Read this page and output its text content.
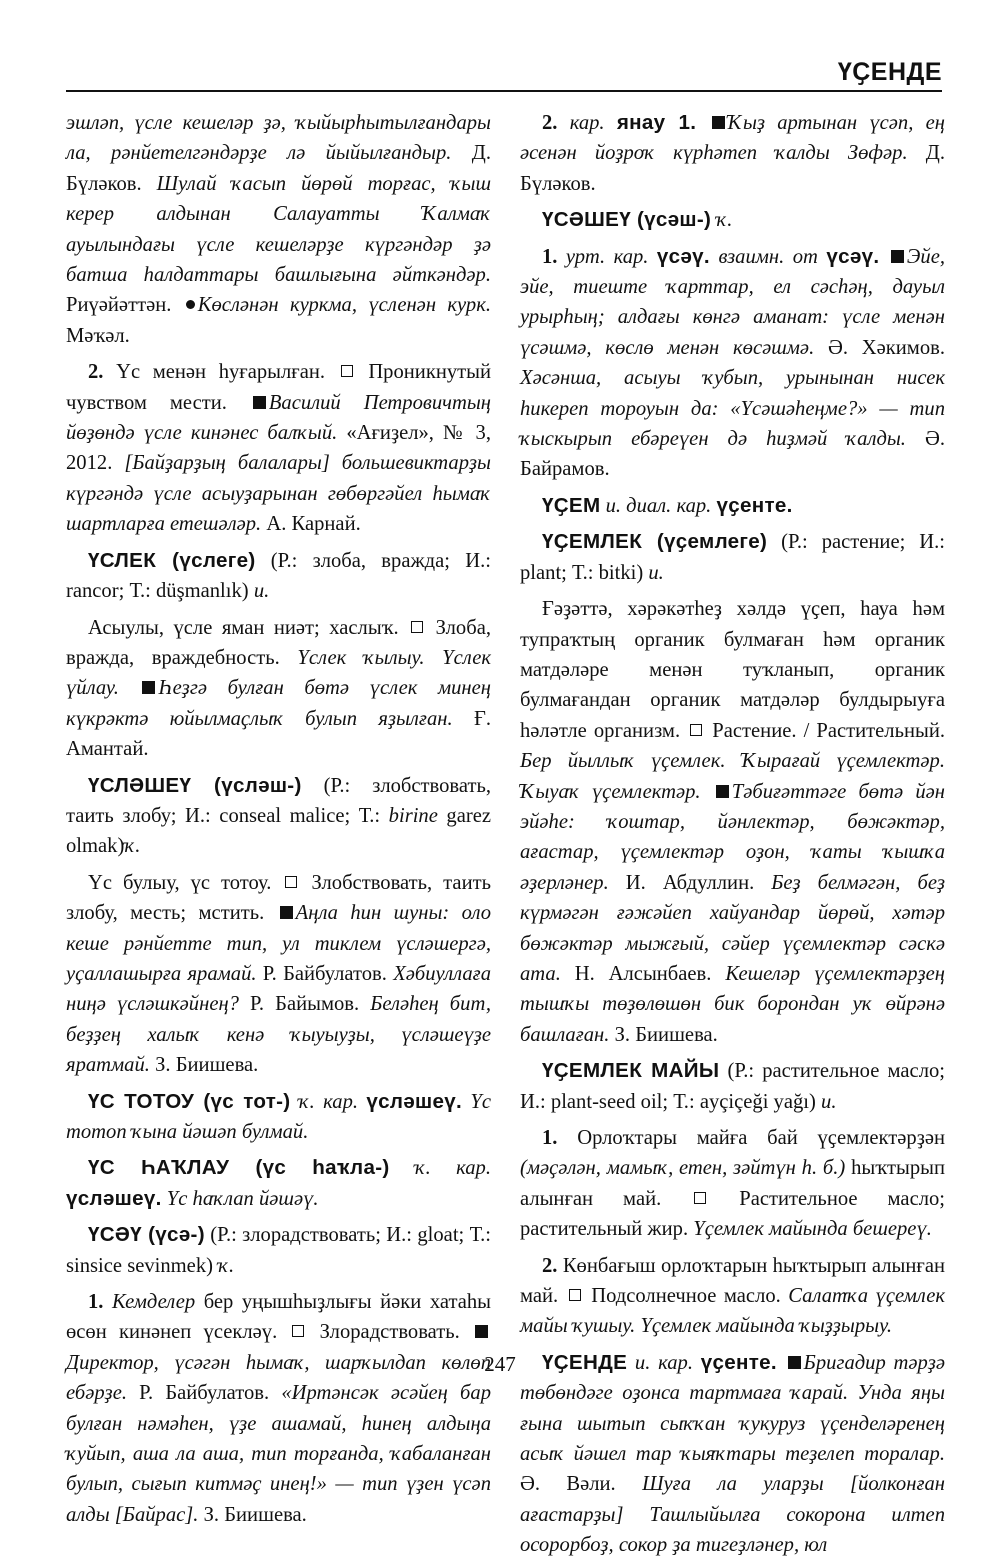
ҮҪЕНДЕ

эшләп, үсле кешеләр ҙә, ҡыйырһытылғандары ла, рәнйетелгәндәрҙе лә йыйылғандыр. Д. Бүләков. Шулай ҡасып йөрөй торғас, ҡыш керер алдынан Салауатты Ҡалмаҡ ауылындағы үсле кешеләрҙе күргәндәр ҙә батша һалдаттары башлығына әйткәндәр. Риүәйәттән. Көсләнән куркма, үсленән курк. Мәҡәл.

2. Үс менән һуғарылған.  Проникнутый чувством мести. Василий Петровичтың йөҙөндә үсле кинәнес балҡый. «Ағиҙел», № 3, 2012. [Байҙарҙың балалары] большевиктарҙы күргәндә үсле асыуҙарынан гөбөргәйел һымаҡ шартларға етешәләр. А. Карнай.

ҮСЛЕК (үслеге) (Р.: злоба, вражда; И.: rancor; Т.: düşmanlık) и.

Асыулы, үсле яман ниәт; хаслыҡ.  Злоба, вражда, враждебность. Үслек ҡылыу. Үслек үйлау. Һеҙгә булған бөтә үслек минең күкрәктә юйылмаҫлыҡ булып яҙылған. Ғ. Амантай.

ҮСЛӘШЕҮ (үсләш-) (Р.: злобствовать, таить злобу; И.: conseal malice; Т.: birine garez olmak)ҡ.

Үс булыу, үс тотоу.  Злобствовать, таить злобу, месть; мстить. Аңла һин шуны: оло кеше рәнйетте тип, ул тиклем үсләшергә, уҫаллашырға ярамай. Р. Байбулатов. Хәбиуллаға ниңә үсләшкәйнең? Р. Байымов. Беләһең бит, беҙҙең халыҡ кенә ҡыуыуҙы, үсләшеүҙе яратмай. З. Биишева.

ҮС ТОТОУ (үс тот-) ҡ. кар. үсләшеү. Үс тотоп ҡына йәшәп булмай.

ҮС ҺАҠЛАУ (үс һаҡла-) ҡ. кар. үсләшеү. Үс һаҡлап йәшәү.

ҮСӘҮ (үсә-) (Р.: злорадствовать; И.: gloat; Т.: sinsice sevinmek) ҡ.

1. Кемделер бер уңышһыҙлығы йәки хатаһы өсөн кинәнеп үсекләү.  Злорадствовать. Директор, үсәгән һымаҡ, шарҡылдап көлөп ебәрҙе. Р. Байбулатов. «Иртәнсәк әсәйең бар булған нәмәһен, үҙе ашамай, һинең алдыңа ҡуйып, аша ла аша, тип торғанда, ҡабаланған булып, сығып китмәҫ инең!» — тип үҙен үсәп алды [Байрас]. З. Биишева.

2. кар. янау 1. Ҡыҙ артынан үсәп, ең әсенән йоҙроҡ күрһәтеп ҡалды Зөфәр. Д. Бүләков.

ҮСӘШЕҮ (үсәш-) ҡ.

1. урт. кар. үсәү. взаимн. от үсәү. Эйе, эйе, тиеште ҡарттар, ел сәсһәң, дауыл урырһың; алдағы көнгә аманат: үсле менән үсәшмә, көслө менән көсәшмә. Ә. Хәкимов. Хәсәнша, асыуы ҡубып, урынынан нисек һикереп тороуын да: «Үсәшәһеңме?» — тип ҡыскырып ебәреүен дә һиҙмәй ҡалды. Ә. Байрамов.

ҮҪЕМ и. диал. кар. үҫенте.

ҮҪЕМЛЕК (үҫемлеге) (Р.: растение; И.: plant; Т.: bitki) и.

Ғәҙәттә, хәрәкәтһеҙ хәлдә үҫеп, һауа һәм тупраҡтың органик булмаған һәм органик матдәләре менән туҡланып, органик булмағандан органик матдәләр булдырыуға һәләтле организм.  Растение. / Растительный. Бер йыллыҡ үҫемлек. Ҡырағай үҫемлектәр. Ҡыуаҡ үҫемлектәр. Тәбиғәттәге бөтә йән эйәһе: ҡоштар, йәнлектәр, бөжәктәр, ағастар, үҫемлектәр оҙон, ҡаты ҡышҡа әҙерләнер. И. Абдуллин. Беҙ белмәгән, беҙ күрмәгән ғәжәйеп хайуандар йөрөй, хәтәр бөжәктәр мыжғый, сәйер үҫемлектәр сәскә ата. Н. Алсынбаев. Кешеләр үҫемлектәрҙең тышҡы төҙөлөшөн бик борондан уҡ өйрәнә башлаған. З. Биишева.

ҮҪЕМЛЕК МАЙЫ (Р.: растительное масло; И.: plant-seed oil; Т.: ayçiçeği yağı) и.

1. Орлоҡтары майға бай үҫемлектәрҙән (мәҫәлән, мамыҡ, етен, зәйтүн һ. б.) һыҡтырып алынған май.  Растительное масло; растительный жир. Үҫемлек майында бешереү.

2. Көнбағыш орлоҡтарын һыҡтырып алынған май.  Подсолнечное масло. Салатҡа үҫемлек майы ҡушыу. Үҫемлек майында ҡыҙҙырыу.

ҮҪЕНДЕ и. кар. үҫенте. Бригадир тәрҙә төбөндәге оҙонса тартмаға ҡарай. Унда яңы ғына шытып сыҡҡан ҡукуруз үҫенделәренең асыҡ йәшел тар ҡыяҡтары теҙелеп торалар. Ә. Вәли. Шуға ла уларҙы [йолконған ағастарҙы] Ташлыйылға сокорона илтеп осорорбоҙ, сокор ҙа тигеҙләнер, юл

247
